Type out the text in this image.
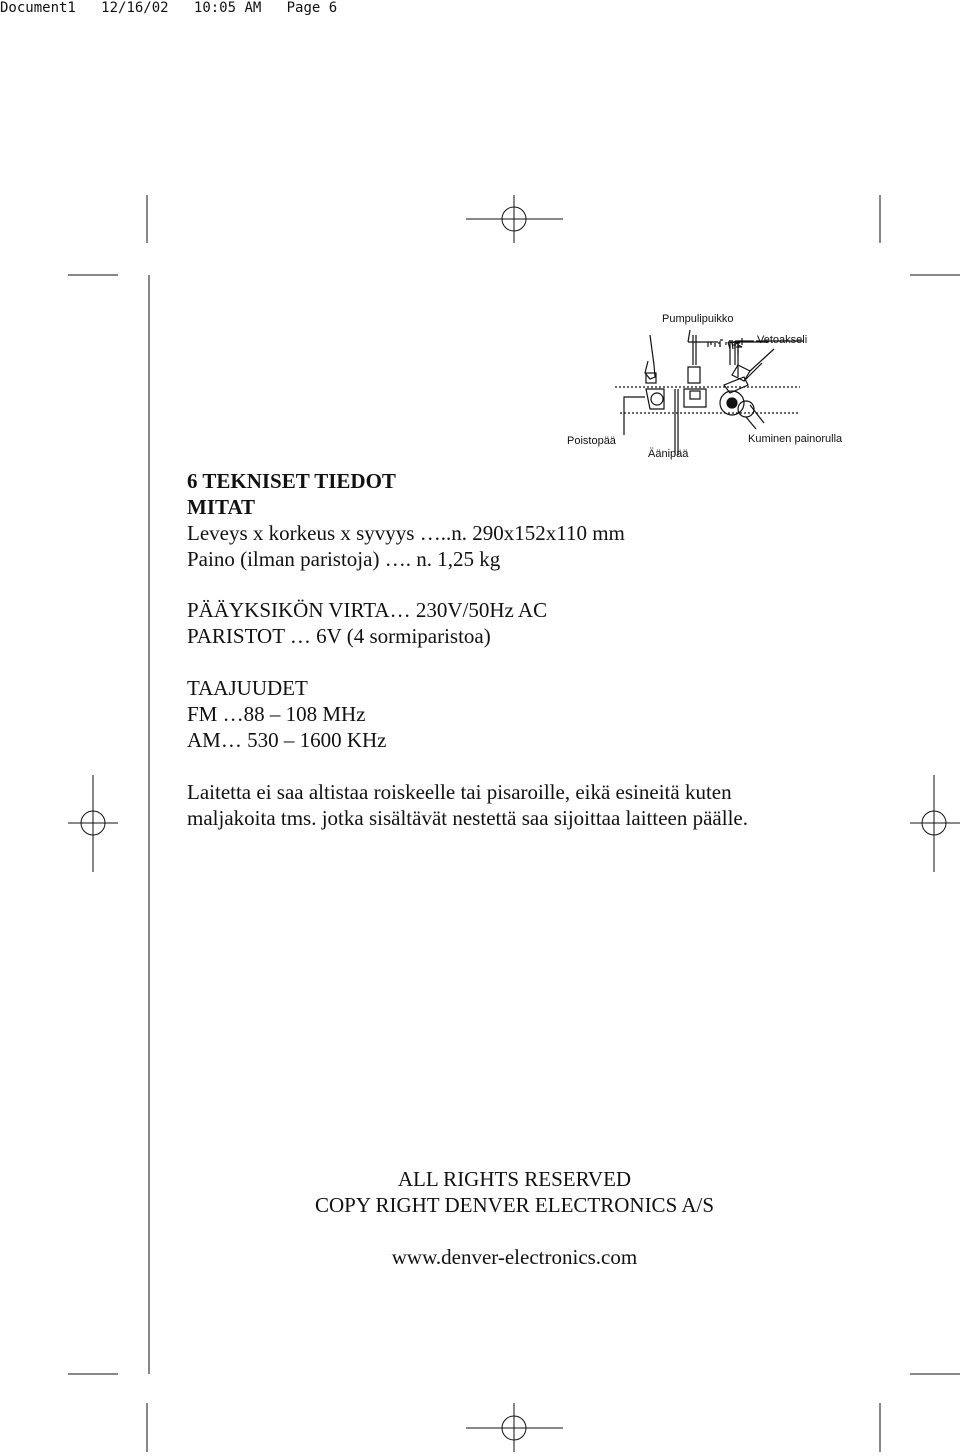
Document1 12/16/02 10:05 AM Page 6
Pumpulipuikko
Vetoakseli
Poistopää
Äänipää
Kuminen painorulla
6 TEKNISET TIEDOT
MITAT
Leveys x korkeus x syvyys …..n. 290x152x110 mm
Paino (ilman paristoja) …. n. 1,25 kg
PÄÄYKSIKÖN VIRTA… 230V/50Hz AC
PARISTOT … 6V (4 sormiparistoa)
TAAJUUDET
FM …88 – 108 MHz
AM… 530 – 1600 KHz
Laitetta ei saa altistaa roiskeelle tai pisaroille, eikä esineitä kuten
maljakoita tms. jotka sisältävät nestettä saa sijoittaa laitteen päälle.
ALL RIGHTS RESERVED
COPY RIGHT DENVER ELECTRONICS A/S
www.denver-electronics.com
